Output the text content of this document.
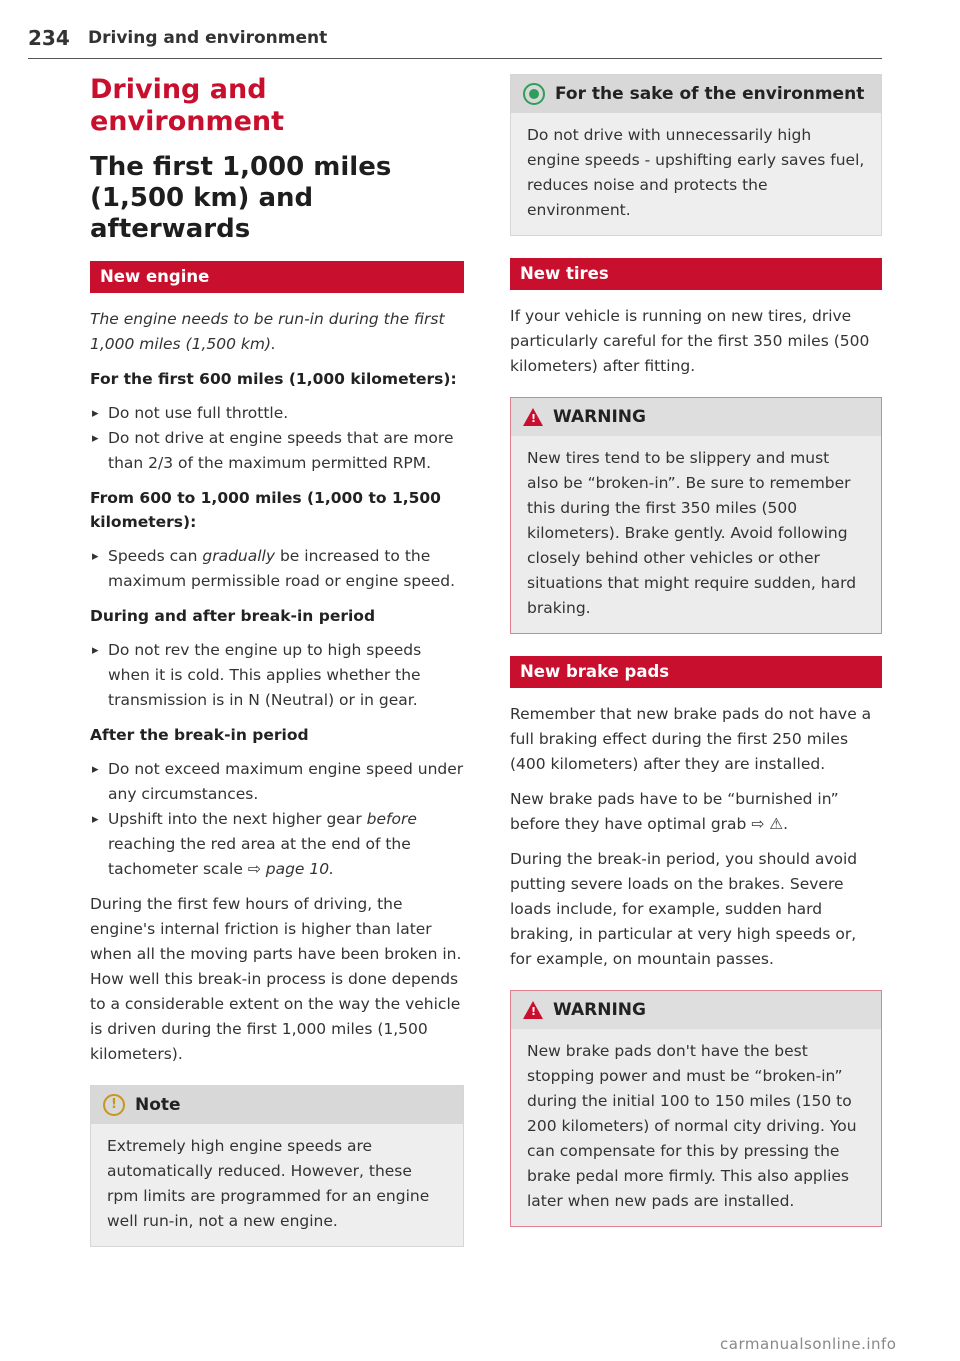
234 Driving and environment
Driving and environment
The first 1,000 miles (1,500 km) and afterwards
New engine
The engine needs to be run-in during the first 1,000 miles (1,500 km).
For the first 600 miles (1,000 kilometers):
▸ Do not use full throttle.
▸ Do not drive at engine speeds that are more than 2/3 of the maximum permitted RPM.
From 600 to 1,000 miles (1,000 to 1,500 kilometers):
▸ Speeds can gradually be increased to the maximum permissible road or engine speed.
During and after break-in period
▸ Do not rev the engine up to high speeds when it is cold. This applies whether the transmission is in N (Neutral) or in gear.
After the break-in period
▸ Do not exceed maximum engine speed under any circumstances.
▸ Upshift into the next higher gear before reaching the red area at the end of the tachometer scale ⇨ page 10.
During the first few hours of driving, the engine's internal friction is higher than later when all the moving parts have been broken in. How well this break-in process is done depends to a considerable extent on the way the vehicle is driven during the first 1,000 miles (1,500 kilometers).
!	Note
Extremely high engine speeds are automatically reduced. However, these rpm limits are programmed for an engine well run-in, not a new engine.
For the sake of the environment
Do not drive with unnecessarily high engine speeds - upshifting early saves fuel, reduces noise and protects the environment.
New tires
If your vehicle is running on new tires, drive particularly careful for the first 350 miles (500 kilometers) after fitting.
! WARNING
New tires tend to be slippery and must also be “broken-in”. Be sure to remember this during the first 350 miles (500 kilometers). Brake gently. Avoid following closely behind other vehicles or other situations that might require sudden, hard braking.
New brake pads
Remember that new brake pads do not have a full braking effect during the first 250 miles (400 kilometers) after they are installed.
New brake pads have to be “burnished in” before they have optimal grab ⇨ ⚠.
During the break-in period, you should avoid putting severe loads on the brakes. Severe loads include, for example, sudden hard braking, in particular at very high speeds or, for example, on mountain passes.
! WARNING
New brake pads don't have the best stopping power and must be “broken-in” during the initial 100 to 150 miles (150 to 200 kilometers) of normal city driving. You can compensate for this by pressing the brake pedal more firmly. This also applies later when new pads are installed.
carmanualsonline.info
